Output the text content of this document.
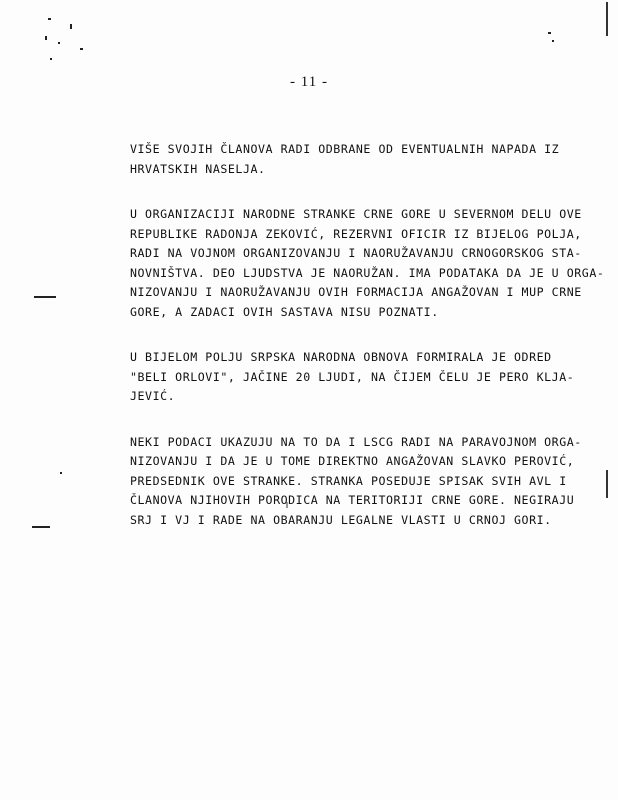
- 11 -
VIŠE SVOJIH ČLANOVA RADI ODBRANE OD EVENTUALNIH NAPADA IZ
HRVATSKIH NASELJA.
U ORGANIZACIJI NARODNE STRANKE CRNE GORE U SEVERNOM DELU OVE
REPUBLIKE RADONJA ZEKOVIĆ, REZERVNI OFICIR IZ BIJELOG POLJA,
RADI NA VOJNOM ORGANIZOVANJU I NAORUŽAVANJU CRNOGORSKOG STA-
NOVNIŠTVA. DEO LJUDSTVA JE NAORUŽAN. IMA PODATAKA DA JE U ORGA-
NIZOVANJU I NAORUŽAVANJU OVIH FORMACIJA ANGAŽOVAN I MUP CRNE
GORE, A ZADACI OVIH SASTAVA NISU POZNATI.
U BIJELOM POLJU SRPSKA NARODNA OBNOVA FORMIRALA JE ODRED
"BELI ORLOVI", JAČINE 20 LJUDI, NA ČIJEM ČELU JE PERO KLJA-
JEVIĆ.
NEKI PODACI UKAZUJU NA TO DA I LSCG RADI NA PARAVOJNOM ORGA-
NIZOVANJU I DA JE U TOME DIREKTNO ANGAŽOVAN SLAVKO PEROVIĆ,
PREDSEDNIK OVE STRANKE. STRANKA POSEDUJE SPISAK SVIH AVL I
ČLANOVA NJIHOVIH PORODICA NA TERITORIJI CRNE GORE. NEGIRAJU
SRJ I VJ I RADE NA OBARANJU LEGALNE VLASTI U CRNOJ GORI.
